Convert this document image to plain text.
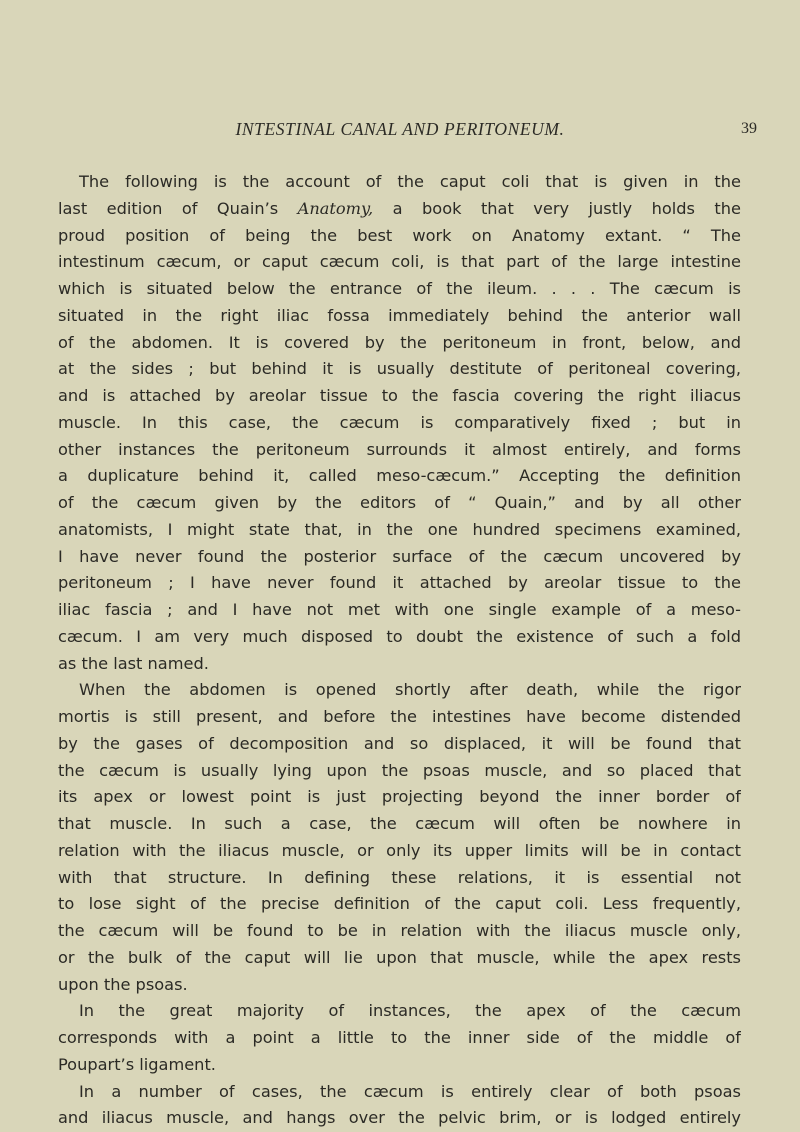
INTESTINAL CANAL AND PERITONEUM.	39
The following is the account of the caput coli that is given in the
last edition of Quain’s Anatomy, a book that very justly holds the
proud position of being the best work on Anatomy extant. “ The
intestinum cæcum, or caput cæcum coli, is that part of the large intestine
which is situated below the entrance of the ileum. . . . The cæcum is
situated in the right iliac fossa immediately behind the anterior wall
of the abdomen. It is covered by the peritoneum in front, below, and
at the sides ; but behind it is usually destitute of peritoneal covering,
and is attached by areolar tissue to the fascia covering the right iliacus
muscle. In this case, the cæcum is comparatively fixed ; but in
other instances the peritoneum surrounds it almost entirely, and forms
a duplicature behind it, called meso-cæcum.” Accepting the definition
of the cæcum given by the editors of “ Quain,” and by all other
anatomists, I might state that, in the one hundred specimens examined,
I have never found the posterior surface of the cæcum uncovered by
peritoneum ; I have never found it attached by areolar tissue to the
iliac fascia ; and I have not met with one single example of a meso-
cæcum. I am very much disposed to doubt the existence of such a fold
as the last named.
When the abdomen is opened shortly after death, while the rigor
mortis is still present, and before the intestines have become distended
by the gases of decomposition and so displaced, it will be found that
the cæcum is usually lying upon the psoas muscle, and so placed that
its apex or lowest point is just projecting beyond the inner border of
that muscle. In such a case, the cæcum will often be nowhere in
relation with the iliacus muscle, or only its upper limits will be in contact
with that structure. In defining these relations, it is essential not
to lose sight of the precise definition of the caput coli. Less frequently,
the cæcum will be found to be in relation with the iliacus muscle only,
or the bulk of the caput will lie upon that muscle, while the apex rests
upon the psoas.
In the great majority of instances, the apex of the cæcum
corresponds with a point a little to the inner side of the middle of
Poupart’s ligament.
In a number of cases, the cæcum is entirely clear of both psoas
and iliacus muscle, and hangs over the pelvic brim, or is lodged entirely
